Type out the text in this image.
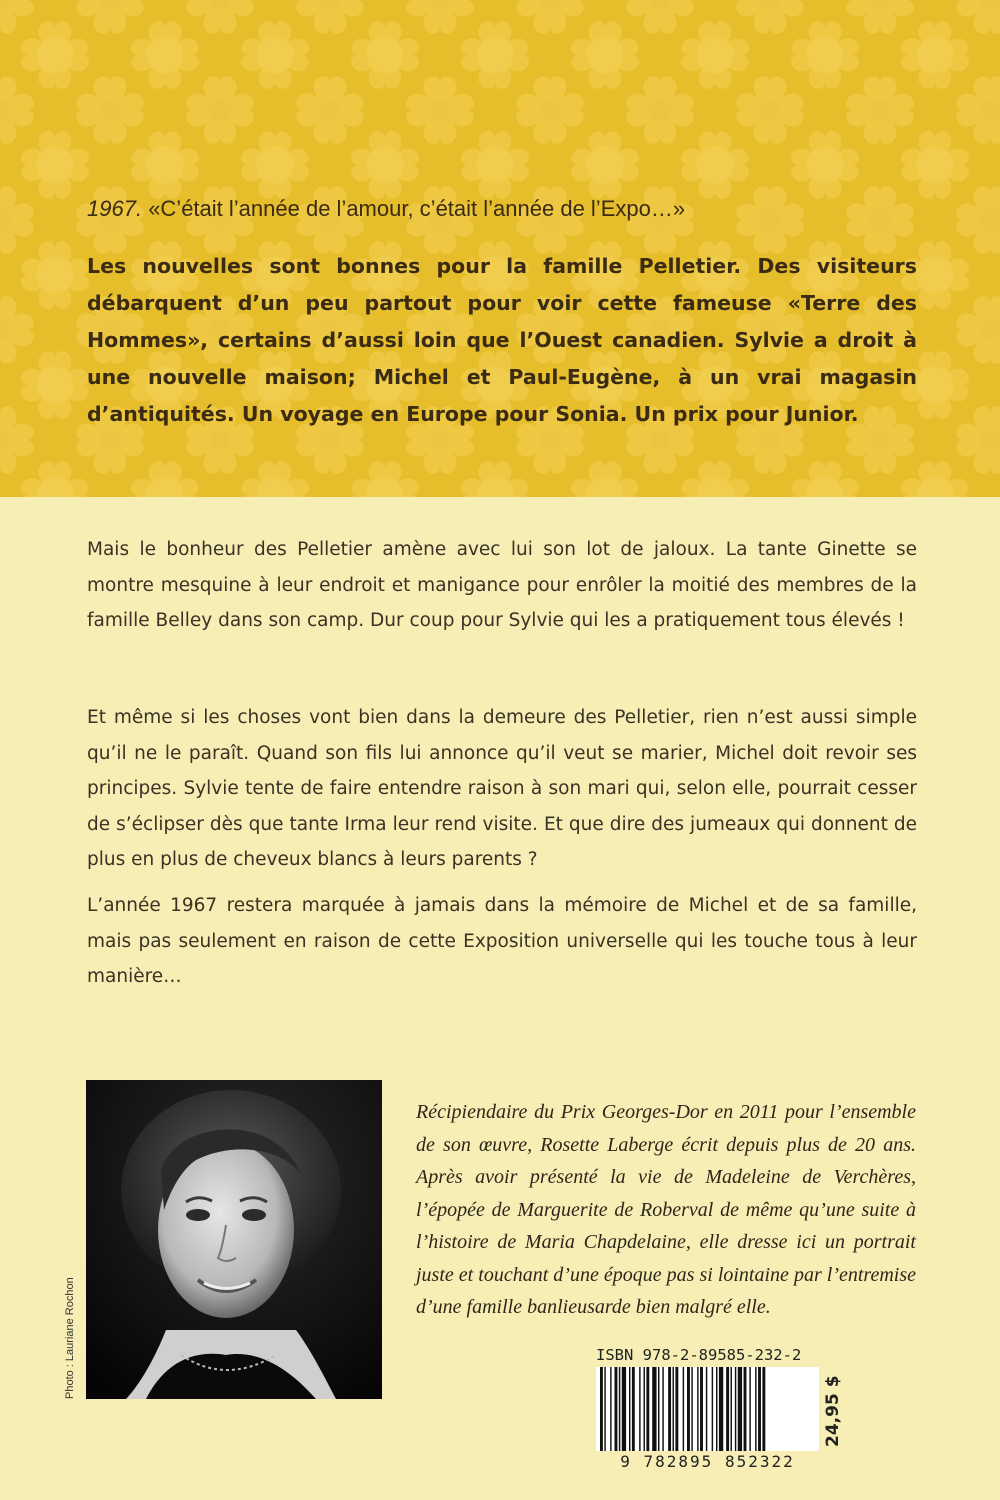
1967. «C’était l’année de l’amour, c’était l’année de l’Expo…»

Les nouvelles sont bonnes pour la famille Pelletier. Des visiteurs débarquent d’un peu partout pour voir cette fameuse «Terre des Hommes», certains d’aussi loin que l’Ouest canadien. Sylvie a droit à une nouvelle maison; Michel et Paul-Eugène, à un vrai magasin d’antiquités. Un voyage en Europe pour Sonia. Un prix pour Junior.

Mais le bonheur des Pelletier amène avec lui son lot de jaloux. La tante Ginette se montre mesquine à leur endroit et manigance pour enrôler la moitié des membres de la famille Belley dans son camp. Dur coup pour Sylvie qui les a pratiquement tous élevés !

Et même si les choses vont bien dans la demeure des Pelletier, rien n’est aussi simple qu’il ne le paraît. Quand son fils lui annonce qu’il veut se marier, Michel doit revoir ses principes. Sylvie tente de faire entendre raison à son mari qui, selon elle, pourrait cesser de s’éclipser dès que tante Irma leur rend visite. Et que dire des jumeaux qui donnent de plus en plus de cheveux blancs à leurs parents ?

L’année 1967 restera marquée à jamais dans la mémoire de Michel et de sa famille, mais pas seulement en raison de cette Exposition universelle qui les touche tous à leur manière…

Photo : Lauriane Rochon

Récipiendaire du Prix Georges-Dor en 2011 pour l’ensemble de son œuvre, Rosette Laberge écrit depuis plus de 20 ans. Après avoir présenté la vie de Madeleine de Verchères, l’épopée de Marguerite de Roberval de même qu’une suite à l’histoire de Maria Chapdelaine, elle dresse ici un portrait juste et touchant d’une époque pas si lointaine par l’entremise d’une famille banlieusarde bien malgré elle.

ISBN 978-2-89585-232-2
9 782895 852322
24,95 $
